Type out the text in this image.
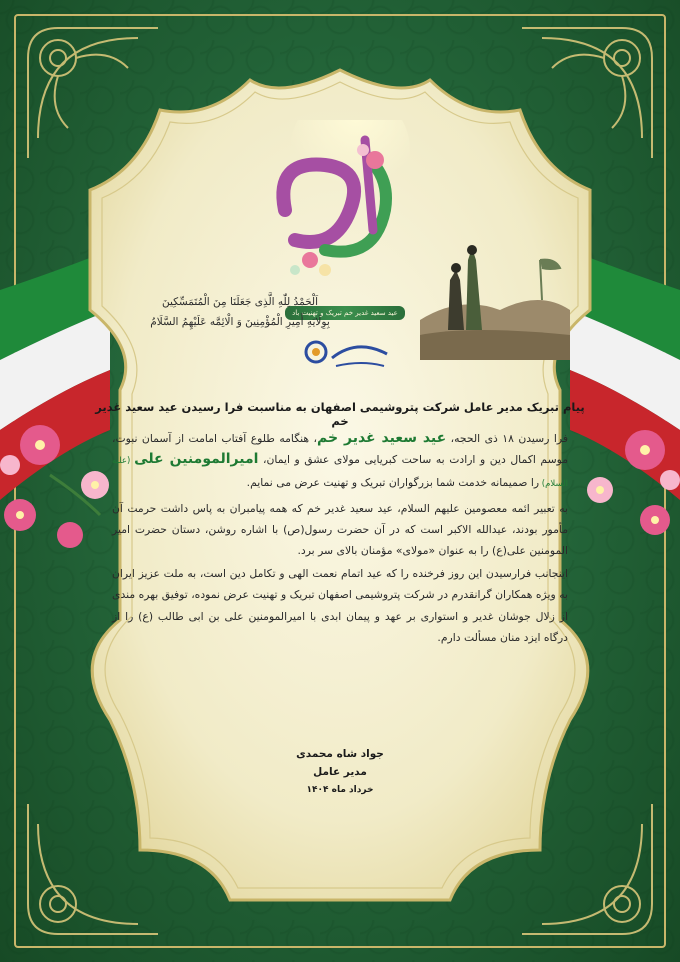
عید سعید غدیر خم تبریک و تهنیت باد
اَلْحَمْدُ لِلّٰهِ الَّذِی جَعَلَنَا مِنَ الْمُتَمَسِّکِینَ
بِوِلَایَهِ أَمِیرِ الْمُؤْمِنِینَ وَ الْائِمَّه عَلَیْهِمُ السَّلَامُ
پیام تبریک مدیر عامل شرکت پتروشیمی اصفهان به مناسبت فرا رسیدن عید سعید غدیر خم

فرا رسیدن ۱۸ ذی الحجه، عید سعید غدیر خم، هنگامه طلوع آفتاب امامت از آسمان نبوت، موسم اکمال دین و ارادت به ساحت کبریایی مولای عشق و ایمان، امیرالمومنین علی (علیه السلام) را صمیمانه خدمت شما بزرگواران تبریک و تهنیت عرض می نمایم.

به تعبیر ائمه معصومین علیهم السلام، عید سعید غدیر خم که همه پیامبران به پاس داشت حرمت آن مأمور بودند، عیدالله الاکبر است که در آن حضرت رسول(ص) با اشاره روشن، دستان حضرت امیر المومنین علی(ع) را به عنوان «مولای» مؤمنان بالای سر برد.

اینجانب فرارسیدن این روز فرخنده را که عید اتمام نعمت الهی و تکامل دین است، به ملت عزیز ایران به ویژه همکاران گرانقدرم در شرکت پتروشیمی اصفهان تبریک و تهنیت عرض نموده، توفیق بهره مندی از زلال جوشان غدیر و استواری بر عهد و پیمان ابدی با امیرالمومنین علی بن ابی طالب (ع) را از درگاه ایزد منان مسألت دارم.

جواد شاه محمدی
مدیر عامل
خرداد ماه ۱۴۰۴
